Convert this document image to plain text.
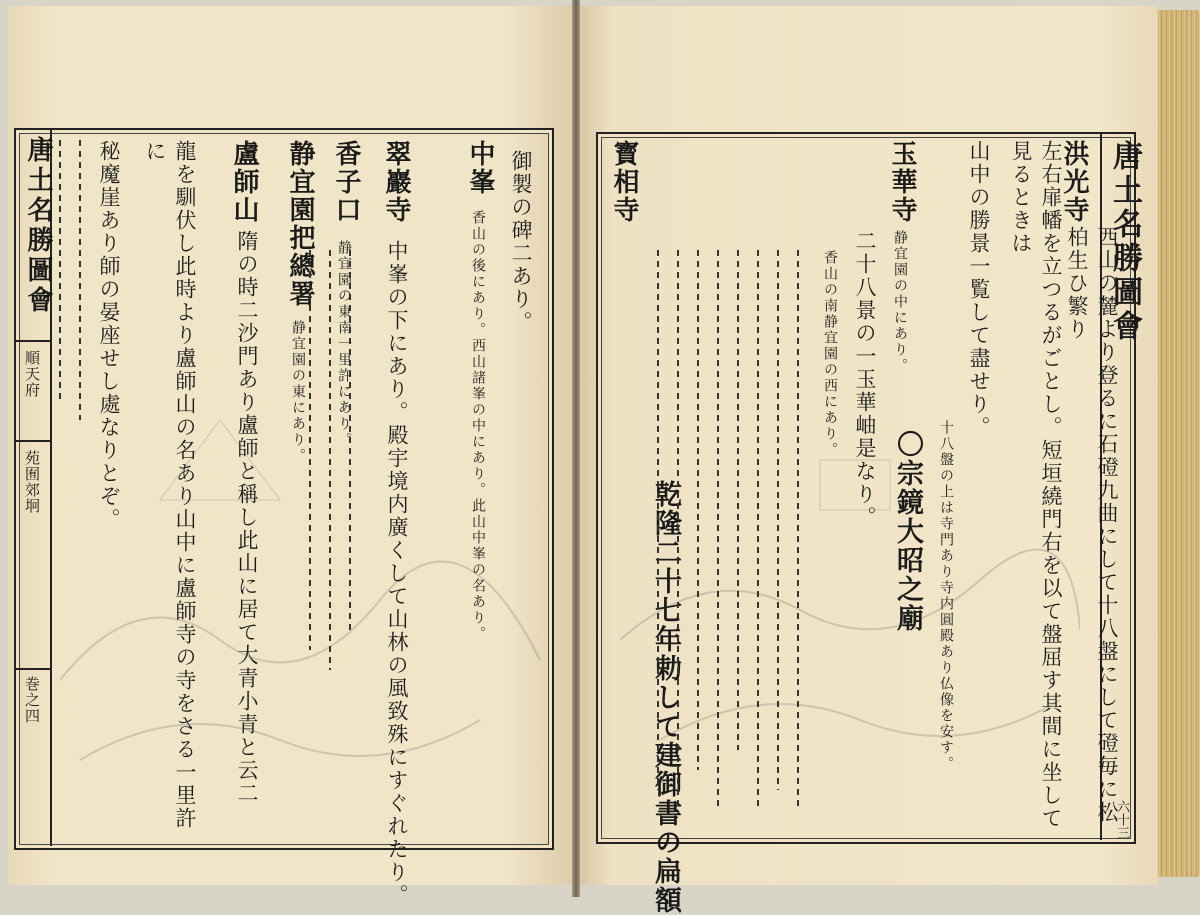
唐土名勝圖會
順天府
苑囿郊坰
巻之四
御製の碑二あり。
中峯
香山の後にあり。西山諸峯の中にあり。此山中峯の名あり。
翠巖寺
中峯の下にあり。殿宇境内廣くして山林の風致殊にすぐれたり。
香子口
静宜園の東南一里許にあり。
静宜園把總署
静宜園の東にあり。
盧師山
隋の時二沙門あり盧師と稱し此山に居て大青小青と云二
龍を馴伏し此時より盧師山の名あり山中に盧師寺の寺をさる一里許に
秘魔崖あり師の晏座せし處なりとぞ。	唐土名勝圖會
六十三
洪光寺
西山の麓より登るに石磴九曲にして十八盤にして磴毎に松柏生ひ繁り
左右扉幡を立つるがごとし。短垣繞門右を以て盤屈す其間に坐して見るときは
山中の勝景一覧して盡せり。
十八盤の上は寺門あり寺内圓殿あり仏像を安す。
玉華寺
静宜園の中にあり。
二十八景の一玉華岫是なり。
〇宗鏡大昭之廟
香山の南静宜園の西にあり。
寳相寺
乾隆二十七年勅して建御書の扁額
